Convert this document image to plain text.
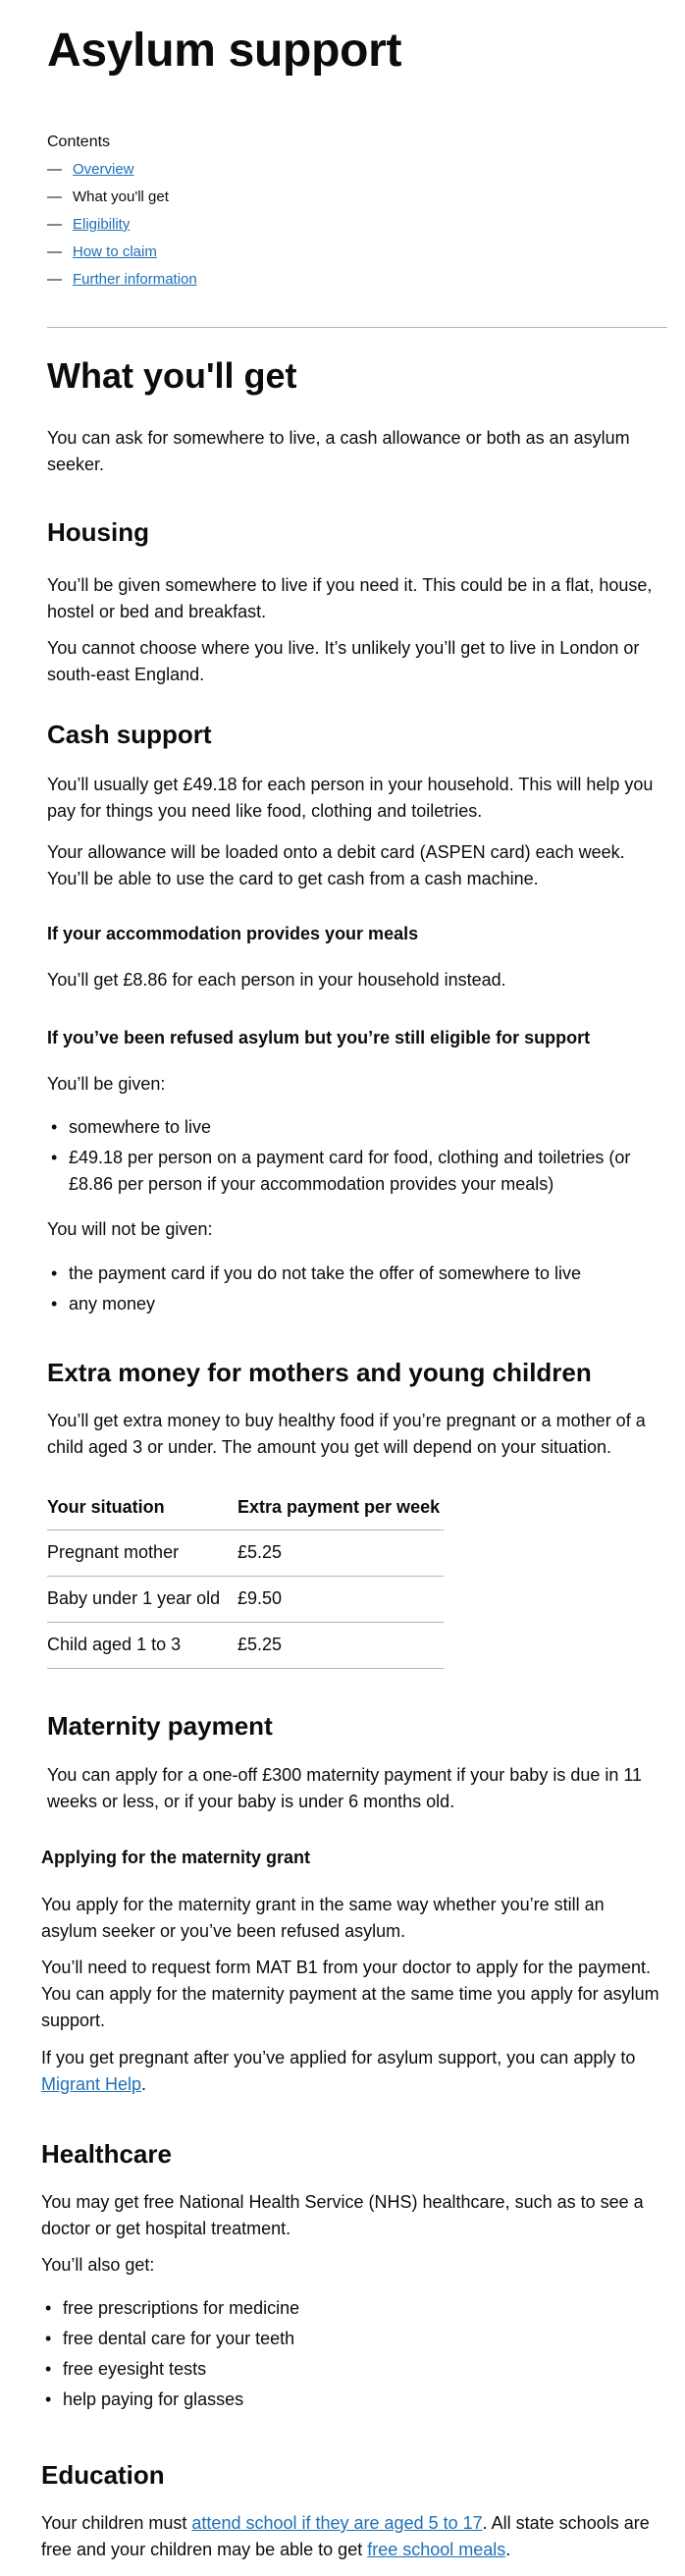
Asylum support
Contents
— Overview
— What you'll get
— Eligibility
— How to claim
— Further information
What you'll get

You can ask for somewhere to live, a cash allowance or both as an asylum seeker.

Housing

You’ll be given somewhere to live if you need it. This could be in a flat, house, hostel or bed and breakfast.

You cannot choose where you live. It’s unlikely you’ll get to live in London or south-east England.

Cash support

You’ll usually get £49.18 for each person in your household. This will help you pay for things you need like food, clothing and toiletries.

Your allowance will be loaded onto a debit card (ASPEN card) each week. You’ll be able to use the card to get cash from a cash machine.

If your accommodation provides your meals

You’ll get £8.86 for each person in your household instead.

If you’ve been refused asylum but you’re still eligible for support

You’ll be given:

• somewhere to live
• £49.18 per person on a payment card for food, clothing and toiletries (or £8.86 per person if your accommodation provides your meals)

You will not be given:

• the payment card if you do not take the offer of somewhere to live
• any money
Extra money for mothers and young children

You’ll get extra money to buy healthy food if you’re pregnant or a mother of a child aged 3 or under. The amount you get will depend on your situation.

Your situation	Extra payment per week
Pregnant mother	£5.25
Baby under 1 year old	£9.50
Child aged 1 to 3	£5.25
Maternity payment

You can apply for a one-off £300 maternity payment if your baby is due in 11 weeks or less, or if your baby is under 6 months old.

Applying for the maternity grant

You apply for the maternity grant in the same way whether you’re still an asylum seeker or you’ve been refused asylum.

You’ll need to request form MAT B1 from your doctor to apply for the payment. You can apply for the maternity payment at the same time you apply for asylum support.

If you get pregnant after you’ve applied for asylum support, you can apply to Migrant Help.

Healthcare

You may get free National Health Service (NHS) healthcare, such as to see a doctor or get hospital treatment.

You’ll also get:

• free prescriptions for medicine
• free dental care for your teeth
• free eyesight tests
• help paying for glasses
Education

Your children must attend school if they are aged 5 to 17. All state schools are free and your children may be able to get free school meals.
